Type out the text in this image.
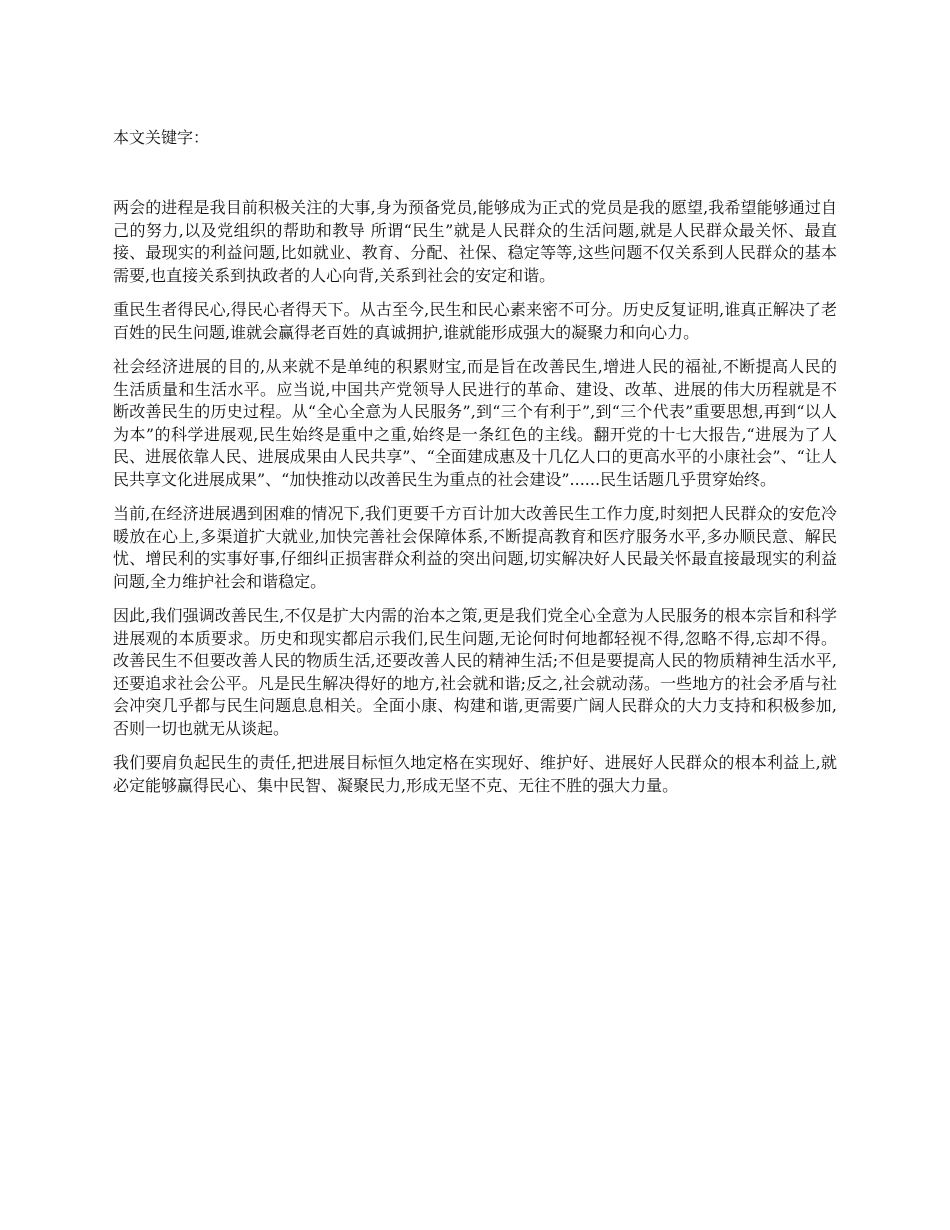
本文关键字：

两会的进程是我目前积极关注的大事,身为预备党员,能够成为正式的党员是我的愿望,我希望能够通过自己的努力,以及党组织的帮助和教导 所谓“民生”就是人民群众的生活问题,就是人民群众最关怀、最直接、最现实的利益问题,比如就业、教育、分配、社保、稳定等等,这些问题不仅关系到人民群众的基本需要,也直接关系到执政者的人心向背,关系到社会的安定和谐。

重民生者得民心,得民心者得天下。从古至今,民生和民心素来密不可分。历史反复证明,谁真正解决了老百姓的民生问题,谁就会赢得老百姓的真诚拥护,谁就能形成强大的凝聚力和向心力。

社会经济进展的目的,从来就不是单纯的积累财宝,而是旨在改善民生,增进人民的福祉,不断提高人民的生活质量和生活水平。应当说,中国共产党领导人民进行的革命、建设、改革、进展的伟大历程就是不断改善民生的历史过程。从“全心全意为人民服务”,到“三个有利于”,到“三个代表”重要思想,再到“以人为本”的科学进展观,民生始终是重中之重,始终是一条红色的主线。翻开党的十七大报告,“进展为了人民、进展依靠人民、进展成果由人民共享”、“全面建成惠及十几亿人口的更高水平的小康社会”、“让人民共享文化进展成果”、“加快推动以改善民生为重点的社会建设”......民生话题几乎贯穿始终。

当前,在经济进展遇到困难的情况下,我们更要千方百计加大改善民生工作力度,时刻把人民群众的安危冷暖放在心上,多渠道扩大就业,加快完善社会保障体系,不断提高教育和医疗服务水平,多办顺民意、解民忧、增民利的实事好事,仔细纠正损害群众利益的突出问题,切实解决好人民最关怀最直接最现实的利益问题,全力维护社会和谐稳定。

因此,我们强调改善民生,不仅是扩大内需的治本之策,更是我们党全心全意为人民服务的根本宗旨和科学进展观的本质要求。历史和现实都启示我们,民生问题,无论何时何地都轻视不得,忽略不得,忘却不得。改善民生不但要改善人民的物质生活,还要改善人民的精神生活;不但是要提高人民的物质精神生活水平,还要追求社会公平。凡是民生解决得好的地方,社会就和谐;反之,社会就动荡。一些地方的社会矛盾与社会冲突几乎都与民生问题息息相关。全面小康、构建和谐,更需要广阔人民群众的大力支持和积极参加,否则一切也就无从谈起。

我们要肩负起民生的责任,把进展目标恒久地定格在实现好、维护好、进展好人民群众的根本利益上,就必定能够赢得民心、集中民智、凝聚民力,形成无坚不克、无往不胜的强大力量。
